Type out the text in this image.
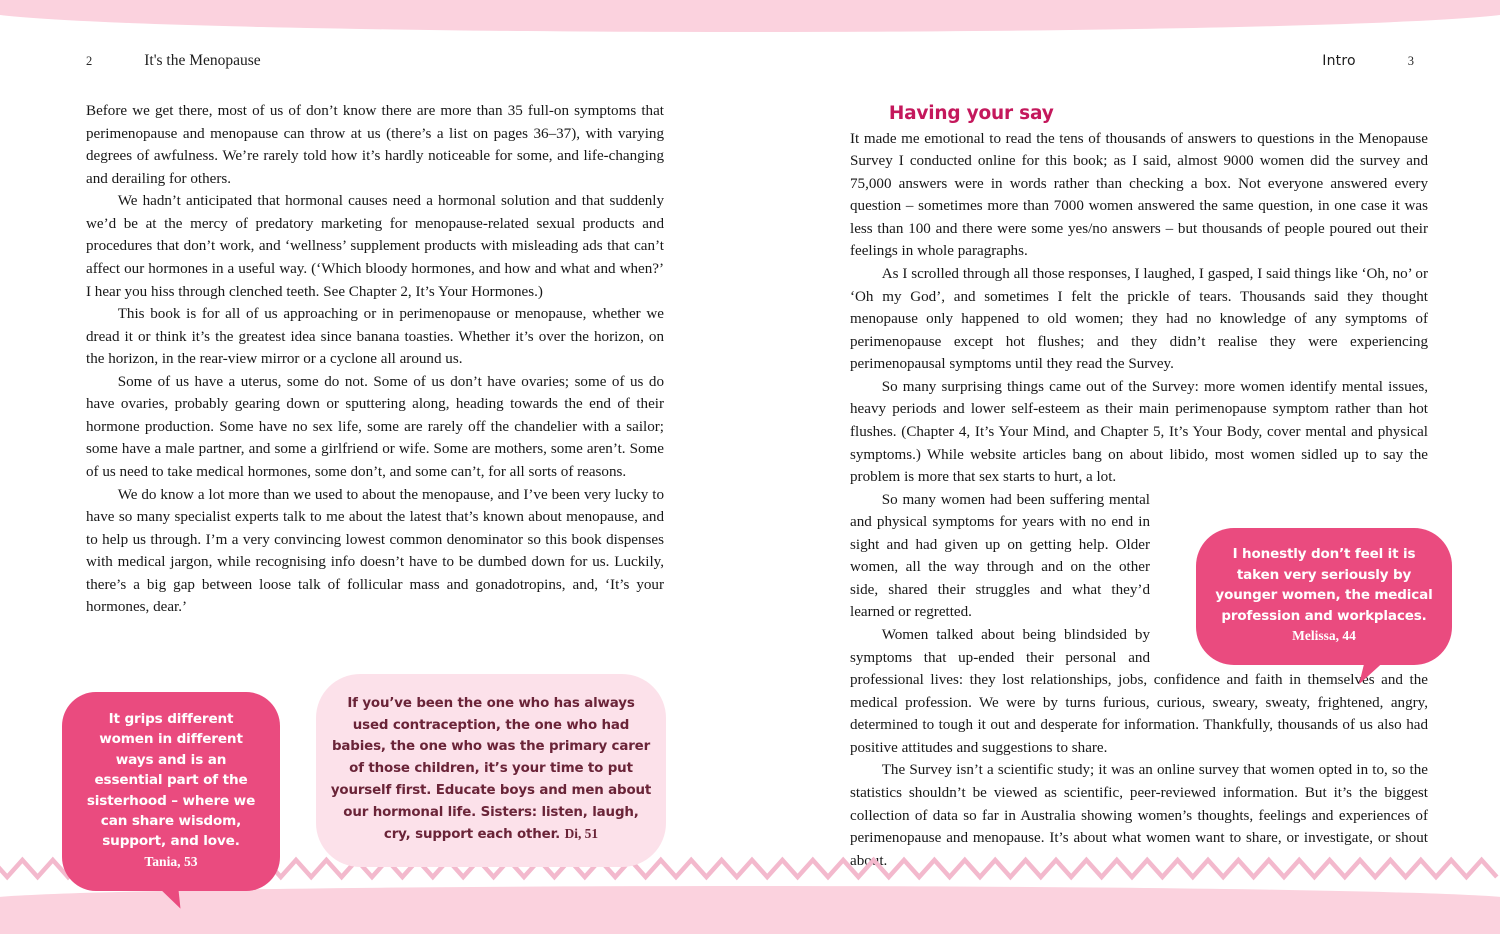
2	It's the Menopause	Intro	3

Before we get there, most of us of don’t know there are more than 35 full-on symptoms that perimenopause and menopause can throw at us (there’s a list on pages 36–37), with varying degrees of awfulness. We’re rarely told how it’s hardly noticeable for some, and life-changing and derailing for others.

We hadn’t anticipated that hormonal causes need a hormonal solution and that suddenly we’d be at the mercy of predatory marketing for menopause-related sexual products and procedures that don’t work, and ‘wellness’ supplement products with misleading ads that can’t affect our hormones in a useful way. (‘Which bloody hormones, and how and what and when?’ I hear you hiss through clenched teeth. See Chapter 2, It’s Your Hormones.)

This book is for all of us approaching or in perimenopause or menopause, whether we dread it or think it’s the greatest idea since banana toasties. Whether it’s over the horizon, on the horizon, in the rear-view mirror or a cyclone all around us.

Some of us have a uterus, some do not. Some of us don’t have ovaries; some of us do have ovaries, probably gearing down or sputtering along, heading towards the end of their hormone production. Some have no sex life, some are rarely off the chandelier with a sailor; some have a male partner, and some a girlfriend or wife. Some are mothers, some aren’t. Some of us need to take medical hormones, some don’t, and some can’t, for all sorts of reasons.

We do know a lot more than we used to about the menopause, and I’ve been very lucky to have so many specialist experts talk to me about the latest that’s known about menopause, and to help us through. I’m a very convincing lowest common denominator so this book dispenses with medical jargon, while recognising info doesn’t have to be dumbed down for us. Luckily, there’s a big gap between loose talk of follicular mass and gonadotropins, and, ‘It’s your hormones, dear.’

Having your say

It made me emotional to read the tens of thousands of answers to questions in the Menopause Survey I conducted online for this book; as I said, almost 9000 women did the survey and 75,000 answers were in words rather than checking a box. Not everyone answered every question – sometimes more than 7000 women answered the same question, in one case it was less than 100 and there were some yes/no answers – but thousands of people poured out their feelings in whole paragraphs.

As I scrolled through all those responses, I laughed, I gasped, I said things like ‘Oh, no’ or ‘Oh my God’, and sometimes I felt the prickle of tears. Thousands said they thought menopause only happened to old women; they had no knowledge of any symptoms of perimenopause except hot flushes; and they didn’t realise they were experiencing perimenopausal symptoms until they read the Survey.

So many surprising things came out of the Survey: more women identify mental issues, heavy periods and lower self-esteem as their main perimenopause symptom rather than hot flushes. (Chapter 4, It’s Your Mind, and Chapter 5, It’s Your Body, cover mental and physical symptoms.) While website articles bang on about libido, most women sidled up to say the problem is more that sex starts to hurt, a lot.

So many women had been suffering mental and physical symptoms for years with no end in sight and had given up on getting help. Older women, all the way through and on the other side, shared their struggles and what they’d learned or regretted.

Women talked about being blindsided by symptoms that up-ended their personal and professional lives: they lost relationships, jobs, confidence and faith in themselves and the medical profession. We were by turns furious, curious, sweary, sweaty, frightened, angry, determined to tough it out and desperate for information. Thankfully, thousands of us also had positive attitudes and suggestions to share.

The Survey isn’t a scientific study; it was an online survey that women opted in to, so the statistics shouldn’t be viewed as scientific, peer-reviewed information. But it’s the biggest collection of data so far in Australia showing women’s thoughts, feelings and experiences of perimenopause and menopause. It’s about what women want to share, or investigate, or shout about.

It grips different women in different ways and is an essential part of the sisterhood – where we can share wisdom, support, and love. Tania, 53
If you’ve been the one who has always used contraception, the one who had babies, the one who was the primary carer of those children, it’s your time to put yourself first. Educate boys and men about our hormonal life. Sisters: listen, laugh, cry, support each other. Di, 51
I honestly don’t feel it is taken very seriously by younger women, the medical profession and workplaces. Melissa, 44
